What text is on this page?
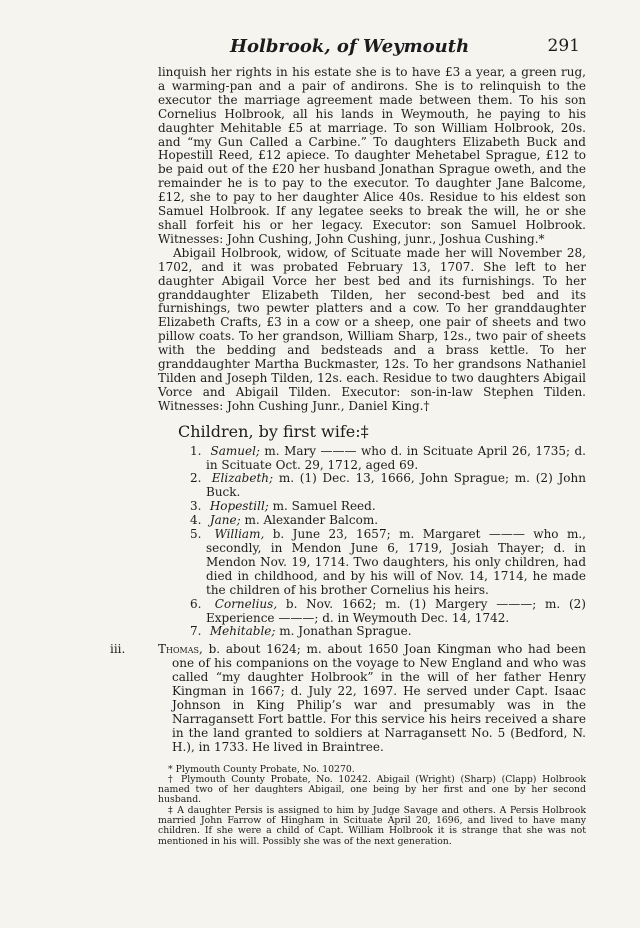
Holbrook, of Weymouth	291

linquish her rights in his estate she is to have £3 a year, a green rug, a warming-pan and a pair of andirons. She is to relinquish to the executor the marriage agreement made between them. To his son Cornelius Holbrook, all his lands in Weymouth, he paying to his daughter Mehitable £5 at marriage. To son William Holbrook, 20s. and “my Gun Called a Carbine.” To daughters Elizabeth Buck and Hopestill Reed, £12 apiece. To daughter Mehetabel Sprague, £12 to be paid out of the £20 her husband Jonathan Sprague oweth, and the remainder he is to pay to the executor. To daughter Jane Balcome, £12, she to pay to her daughter Alice 40s. Residue to his eldest son Samuel Holbrook. If any legatee seeks to break the will, he or she shall forfeit his or her legacy. Executor: son Samuel Holbrook. Witnesses: John Cushing, John Cushing, junr., Joshua Cushing.*

Abigail Holbrook, widow, of Scituate made her will November 28, 1702, and it was probated February 13, 1707. She left to her daughter Abigail Vorce her best bed and its furnishings. To her granddaughter Elizabeth Tilden, her second-best bed and its furnishings, two pewter platters and a cow. To her granddaughter Elizabeth Crafts, £3 in a cow or a sheep, one pair of sheets and two pillow coats. To her grandson, William Sharp, 12s., two pair of sheets with the bedding and bedsteads and a brass kettle. To her granddaughter Martha Buckmaster, 12s. To her grandsons Nathaniel Tilden and Joseph Tilden, 12s. each. Residue to two daughters Abigail Vorce and Abigail Tilden. Executor: son-in-law Stephen Tilden. Witnesses: John Cushing Junr., Daniel King.†

Children, by first wife:‡
1. Samuel; m. Mary ——— who d. in Scituate April 26, 1735; d. in Scituate Oct. 29, 1712, aged 69.
2. Elizabeth; m. (1) Dec. 13, 1666, John Sprague; m. (2) John Buck.
3. Hopestill; m. Samuel Reed.
4. Jane; m. Alexander Balcom.
5. William, b. June 23, 1657; m. Margaret ——— who m., secondly, in Mendon June 6, 1719, Josiah Thayer; d. in Mendon Nov. 19, 1714. Two daughters, his only children, had died in childhood, and by his will of Nov. 14, 1714, he made the children of his brother Cornelius his heirs.
6. Cornelius, b. Nov. 1662; m. (1) Margery ———; m. (2) Experience ———; d. in Weymouth Dec. 14, 1742.
7. Mehitable; m. Jonathan Sprague.
iii.	Thomas, b. about 1624; m. about 1650 Joan Kingman who had been one of his companions on the voyage to New England and who was called “my daughter Holbrook” in the will of her father Henry Kingman in 1667; d. July 22, 1697. He served under Capt. Isaac Johnson in King Philip’s war and presumably was in the Narragansett Fort battle. For this service his heirs received a share in the land granted to soldiers at Narragansett No. 5 (Bedford, N. H.), in 1733. He lived in Braintree.

* Plymouth County Probate, No. 10270.

† Plymouth County Probate, No. 10242. Abigail (Wright) (Sharp) (Clapp) Holbrook named two of her daughters Abigail, one being by her first and one by her second husband.

‡ A daughter Persis is assigned to him by Judge Savage and others. A Persis Holbrook married John Farrow of Hingham in Scituate April 20, 1696, and lived to have many children. If she were a child of Capt. William Holbrook it is strange that she was not mentioned in his will. Possibly she was of the next generation.
